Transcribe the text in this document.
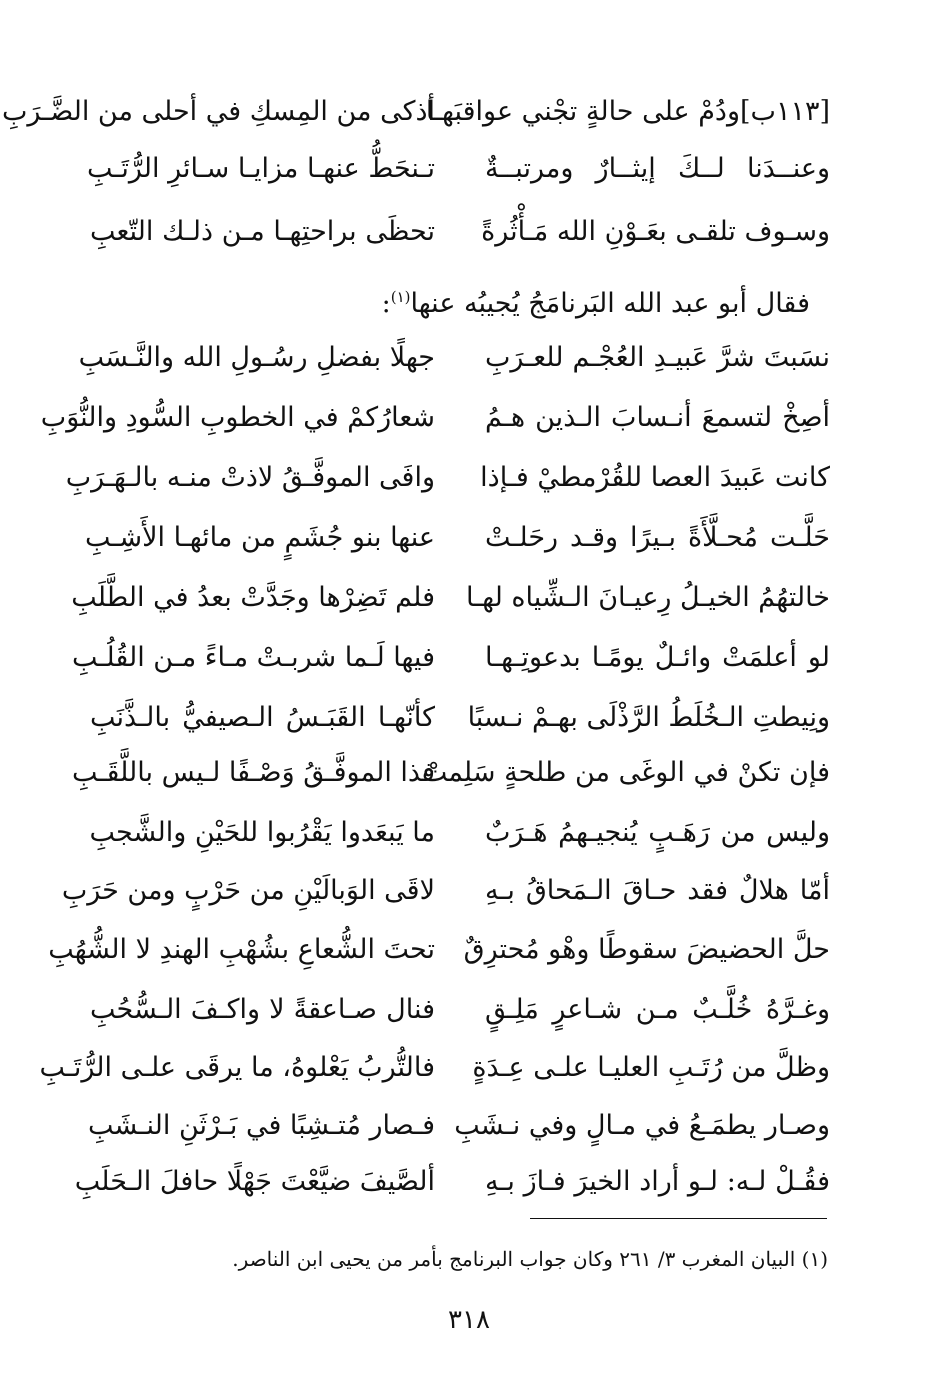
[١١٣ب]ودُمْ على حالةٍ تجْني عواقبَهـا
أذكى من المِسكِ في أحلى من الضَّـرَبِ
وعنــدَنا لــكَ إيثــارٌ ومرتبــةٌ
تـنحَطُّ عنهـا مزايـا سـائرِ الرُّتَـبِ
وسـوف تلقـى بعَـوْنِ الله مَـأْثُرةً
تحظَى براحتِهـا مـن ذلـك التّعبِ
فقال أبو عبد الله البَرنامَجُ يُجيبُه عنها$^{(١)}$:
نسَبتَ شرَّ عَبيـدِ العُجْـم للعـرَبِ
جهلًا بفضلِ رسُـولِ الله والنَّـسَبِ
أصِخْ لتسمعَ أنـسابَ الـذين هـمُ
شعارُكمْ في الخطوبِ السُّودِ والنُّوَبِ
كانت عَبيدَ العصا للقُرْمطيْ فـإذا
وافَى الموفَّـقُ لاذتْ منـه بالـهَـرَبِ
حَلَّـت مُحـلَّأَةً بـيرًا وقـد رحَلـتْ
عنها بنو جُشَمٍ من مائهـا الأَشِـبِ
خالتهُمُ الخيـلُ رِعيـانَ الـشِّياه لهـا
فلم تَضِرْها وجَدَّتْ بعدُ في الطَّلَبِ
لو أعلمَتْ وائـلٌ يومًـا بدعوتِـهـا
فيها لَـما شربـتْ مـاءً مـن القُلُـبِ
ونِيطتِ الـخُلَطُ الرَّذْلَى بهـمْ نـسبًا
كأنّهـا القَبَـسُ الـصيفيُّ بالـذَّنَبِ
فإن تكنْ في الوغَى من طلحةٍ سَلِمتْ
فذا الموفَّـقُ وَصْـفًا لـيس باللَّقَـبِ
وليس من رَهَـبٍ يُنجيـهمُ هَـرَبٌ
ما يَبعَدوا يَقْرُبوا للحَيْنِ والشَّجبِ
أمّا هلالٌ فقد حـاقَ الـمَحاقُ بـهِ
لاقَى الوَبالَيْنِ من حَرْبٍ ومن حَرَبِ
حلَّ الحضيضَ سقوطًا وهْو مُحترِقٌ
تحتَ الشُّعاعِ بشُهْبِ الهندِ لا الشُّهُبِ
وغـرَّهُ خُلَّـبٌ مـن شـاعرٍ مَلِـقٍ
فنال صـاعقةً لا واكـفَ الـسُّحُبِ
وظلَّ من رُتَـبِ العليـا علـى عِـدَةٍ
فالتُّربُ يَعْلوهُ، ما يرقَى علـى الرُّتَـبِ
وصـار يطمَـعُ في مـالٍ وفي نـشَبِ
فـصار مُتـشِبًا في بَـرْثَنِ النـشَبِ
فقُـلْ لـه: لـو أراد الخيرَ فـازَ بـهِ
ألصَّيفَ ضيَّعْتَ جَهْلًا حافلَ الـحَلَبِ
(١) البيان المغرب ٣/ ٢٦١ وكان جواب البرنامج بأمر من يحيى ابن الناصر.
٣١٨
